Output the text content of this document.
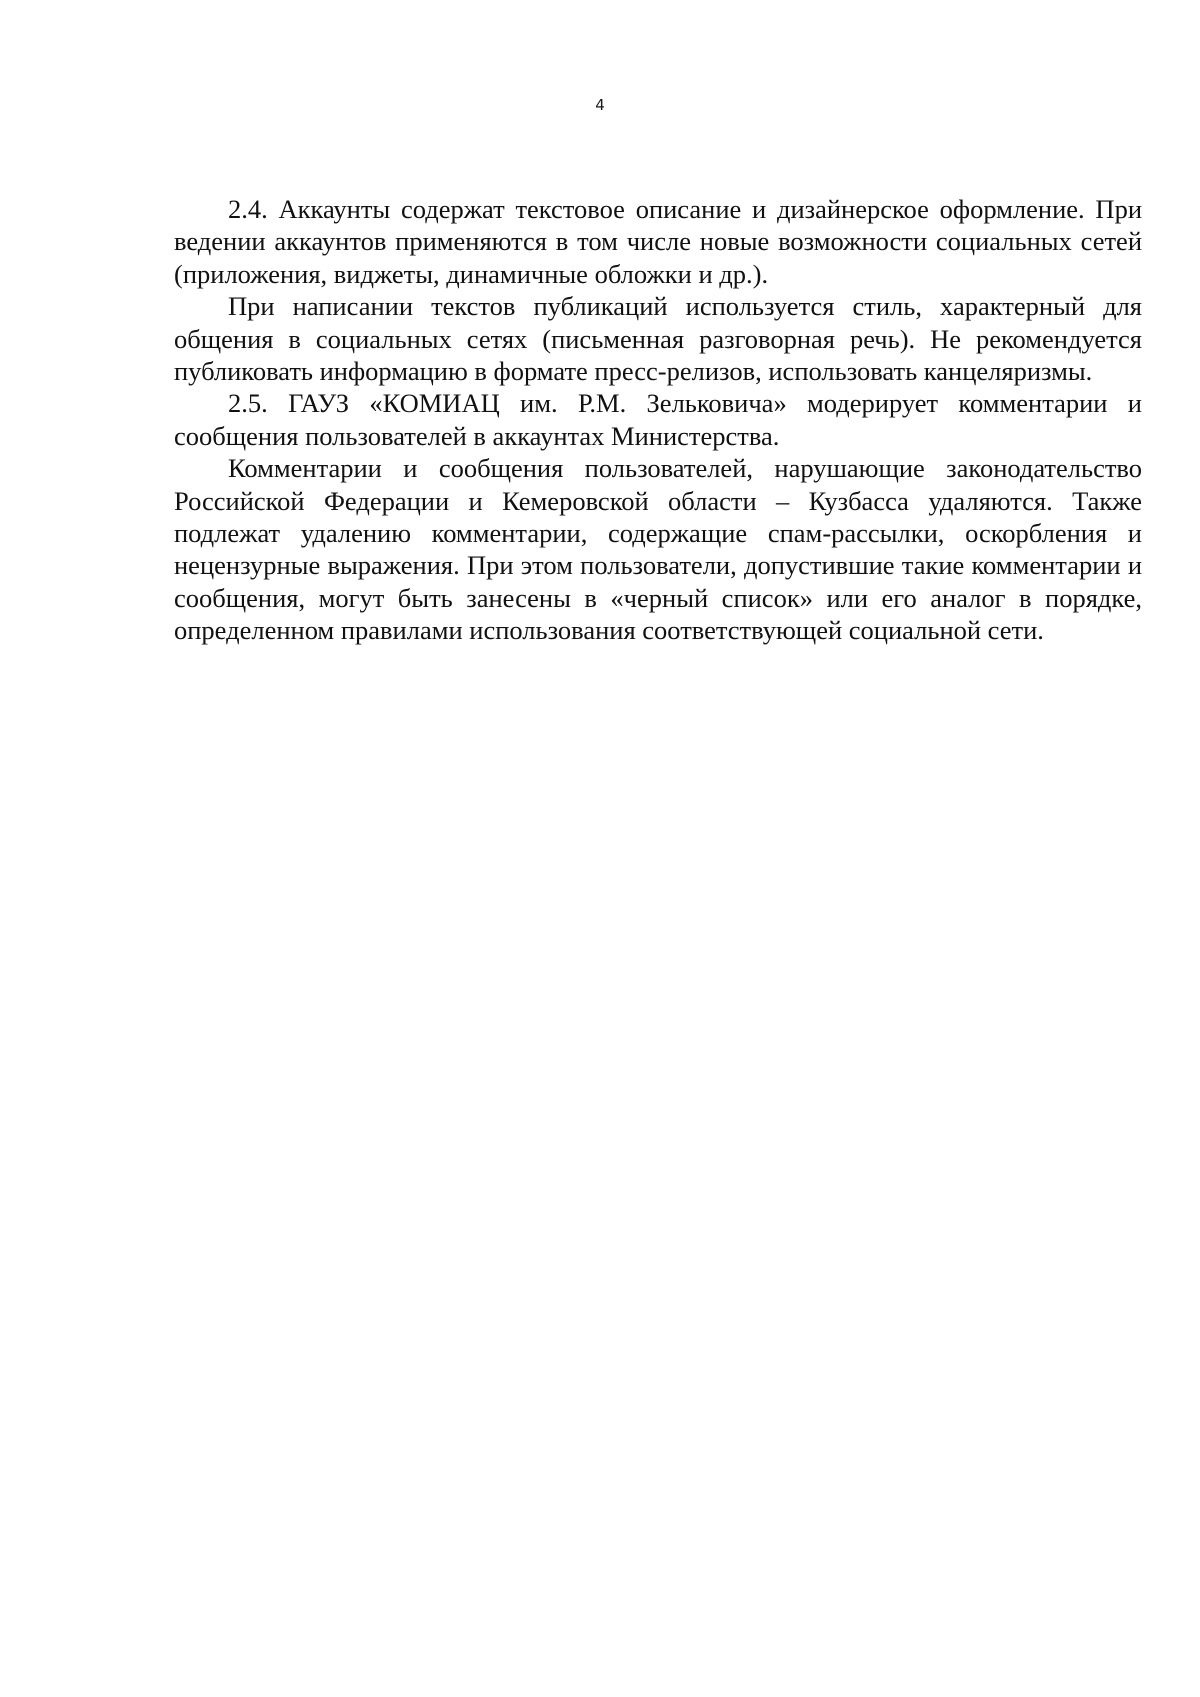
4

2.4. Аккаунты содержат текстовое описание и дизайнерское оформление. При ведении аккаунтов применяются в том числе новые возможности социальных сетей (приложения, виджеты, динамичные обложки и др.).

При написании текстов публикаций используется стиль, характерный для общения в социальных сетях (письменная разговорная речь). Не рекомендуется публиковать информацию в формате пресс-релизов, использовать канцеляризмы.

2.5. ГАУЗ «КОМИАЦ им. Р.М. Зельковича» модерирует комментарии и сообщения пользователей в аккаунтах Министерства.

Комментарии и сообщения пользователей, нарушающие законодательство Российской Федерации и Кемеровской области – Кузбасса удаляются. Также подлежат удалению комментарии, содержащие спам-рассылки, оскорбления и нецензурные выражения. При этом пользователи, допустившие такие комментарии и сообщения, могут быть занесены в «черный список» или его аналог в порядке, определенном правилами использования соответствующей социальной сети.
